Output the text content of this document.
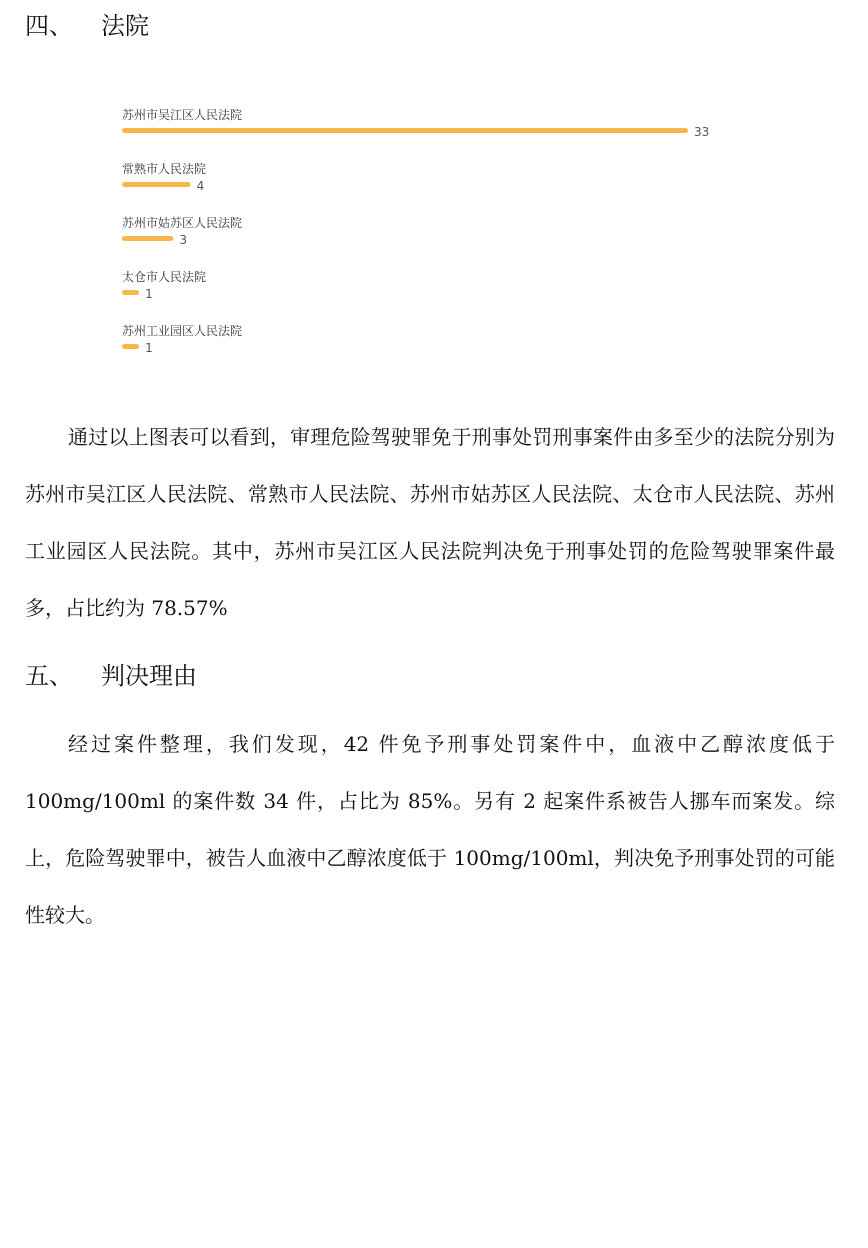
四、 法院
苏州市吴江区人民法院
33
常熟市人民法院
4
苏州市姑苏区人民法院
3
太仓市人民法院
1
苏州工业园区人民法院
1
通过以上图表可以看到，审理危险驾驶罪免于刑事处罚刑事案件由多至少的法院分别为苏州市吴江区人民法院、常熟市人民法院、苏州市姑苏区人民法院、太仓市人民法院、苏州工业园区人民法院。其中，苏州市吴江区人民法院判决免于刑事处罚的危险驾驶罪案件最多，占比约为 78.57%
五、 判决理由
经过案件整理，我们发现，42 件免予刑事处罚案件中，血液中乙醇浓度低于 100mg/100ml 的案件数 34 件，占比为 85%。另有 2 起案件系被告人挪车而案发。综上，危险驾驶罪中，被告人血液中乙醇浓度低于 100mg/100ml，判决免予刑事处罚的可能性较大。
